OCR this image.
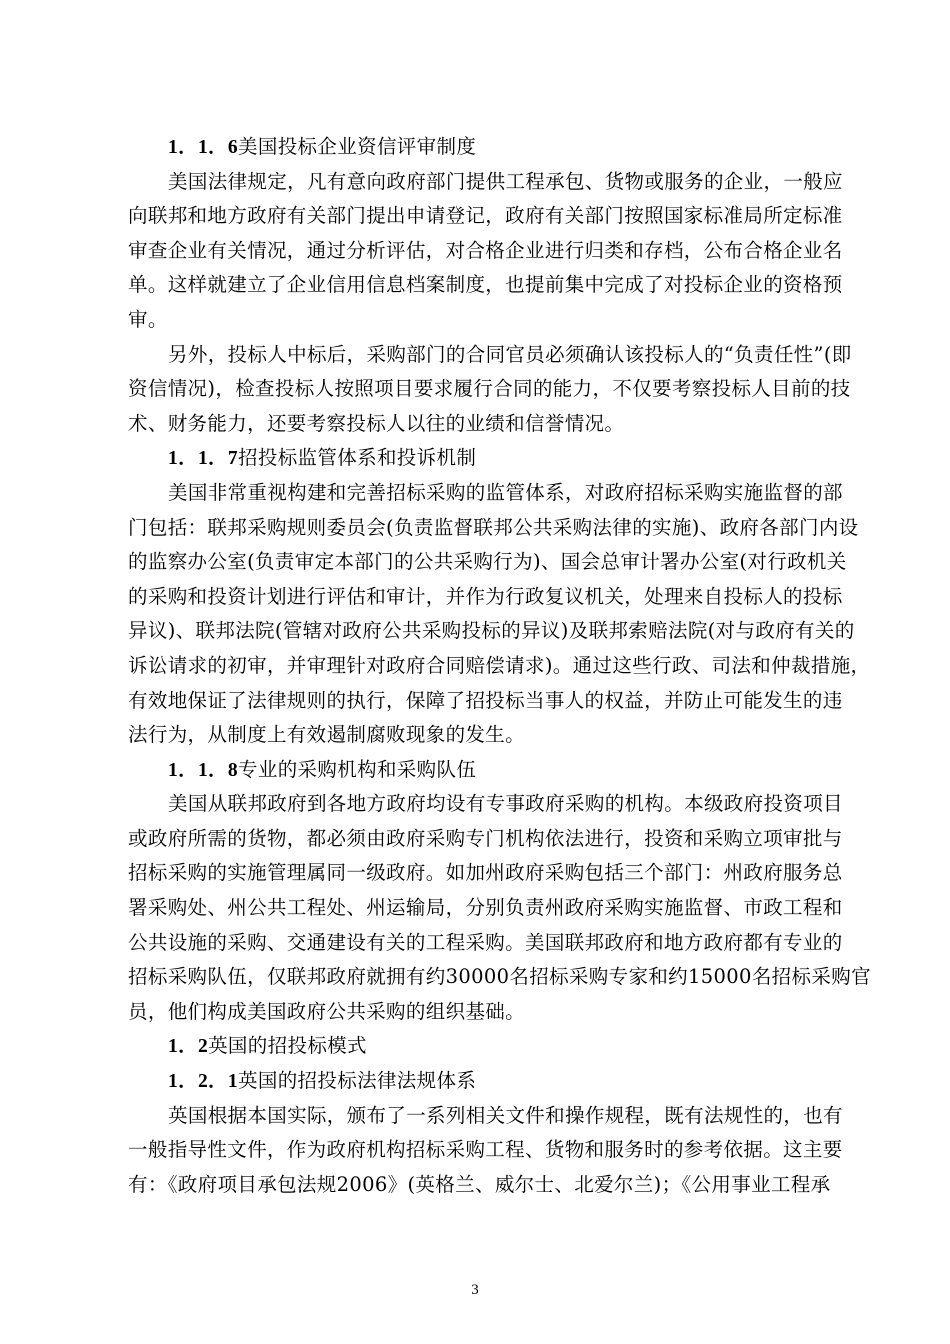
1．1．6美国投标企业资信评审制度
美国法律规定，凡有意向政府部门提供工程承包、货物或服务的企业，一般应
向联邦和地方政府有关部门提出申请登记，政府有关部门按照国家标准局所定标准
审查企业有关情况，通过分析评估，对合格企业进行归类和存档，公布合格企业名
单。这样就建立了企业信用信息档案制度，也提前集中完成了对投标企业的资格预
审。
另外，投标人中标后，采购部门的合同官员必须确认该投标人的“负责任性”(即
资信情况)，检查投标人按照项目要求履行合同的能力，不仅要考察投标人目前的技
术、财务能力，还要考察投标人以往的业绩和信誉情况。
1．1．7招投标监管体系和投诉机制
美国非常重视构建和完善招标采购的监管体系，对政府招标采购实施监督的部
门包括：联邦采购规则委员会(负责监督联邦公共采购法律的实施)、政府各部门内设
的监察办公室(负责审定本部门的公共采购行为)、国会总审计署办公室(对行政机关
的采购和投资计划进行评估和审计，并作为行政复议机关，处理来自投标人的投标
异议)、联邦法院(管辖对政府公共采购投标的异议)及联邦索赔法院(对与政府有关的
诉讼请求的初审，并审理针对政府合同赔偿请求)。通过这些行政、司法和仲裁措施，
有效地保证了法律规则的执行，保障了招投标当事人的权益，并防止可能发生的违
法行为，从制度上有效遏制腐败现象的发生。
1．1．8专业的采购机构和采购队伍
美国从联邦政府到各地方政府均设有专事政府采购的机构。本级政府投资项目
或政府所需的货物，都必须由政府采购专门机构依法进行，投资和采购立项审批与
招标采购的实施管理属同一级政府。如加州政府采购包括三个部门：州政府服务总
署采购处、州公共工程处、州运输局，分别负责州政府采购实施监督、市政工程和
公共设施的采购、交通建设有关的工程采购。美国联邦政府和地方政府都有专业的
招标采购队伍，仅联邦政府就拥有约30000名招标采购专家和约15000名招标采购官
员，他们构成美国政府公共采购的组织基础。
1．2英国的招投标模式
1．2．1英国的招投标法律法规体系
英国根据本国实际，颁布了一系列相关文件和操作规程，既有法规性的，也有
一般指导性文件，作为政府机构招标采购工程、货物和服务时的参考依据。这主要
有：《政府项目承包法规2006》(英格兰、威尔士、北爱尔兰)；《公用事业工程承
3
